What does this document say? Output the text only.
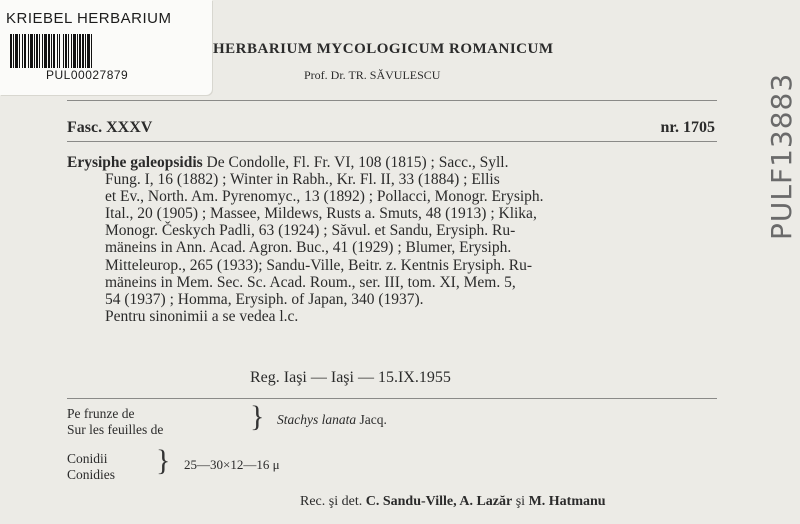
KRIEBEL HERBARIUM
PUL00027879
HERBARIUM MYCOLOGICUM ROMANICUM
Prof. Dr. TR. SĂVULESCU
Fasc. XXXV	nr. 1705

Erysiphe galeopsidis De Condolle, Fl. Fr. VI, 108 (1815) ; Sacc., Syll.

Fung. I, 16 (1882) ; Winter in Rabh., Kr. Fl. II, 33 (1884) ; Ellis

et Ev., North. Am. Pyrenomyc., 13 (1892) ; Pollacci, Monogr. Erysiph.

Ital., 20 (1905) ; Massee, Mildews, Rusts a. Smuts, 48 (1913) ; Klika,

Monogr. Českych Padli, 63 (1924) ; Săvul. et Sandu, Erysiph. Ru-

mäneins in Ann. Acad. Agron. Buc., 41 (1929) ; Blumer, Erysiph.

Mitteleurop., 265 (1933); Sandu-Ville, Beitr. z. Kentnis Erysiph. Ru-

mäneins in Mem. Sec. Sc. Acad. Roum., ser. III, tom. XI, Mem. 5,

54 (1937) ; Homma, Erysiph. of Japan, 340 (1937).

Pentru sinonimii a se vedea l.c.

Reg. Iaşi — Iaşi — 15.IX.1955
Pe frunze de
Sur les feuilles de	} Stachys lanata Jacq.
Conidii
Conidies } 25—30×12—16 μ
Rec. şi det. C. Sandu-Ville, A. Lazăr şi M. Hatmanu
PULF13883
